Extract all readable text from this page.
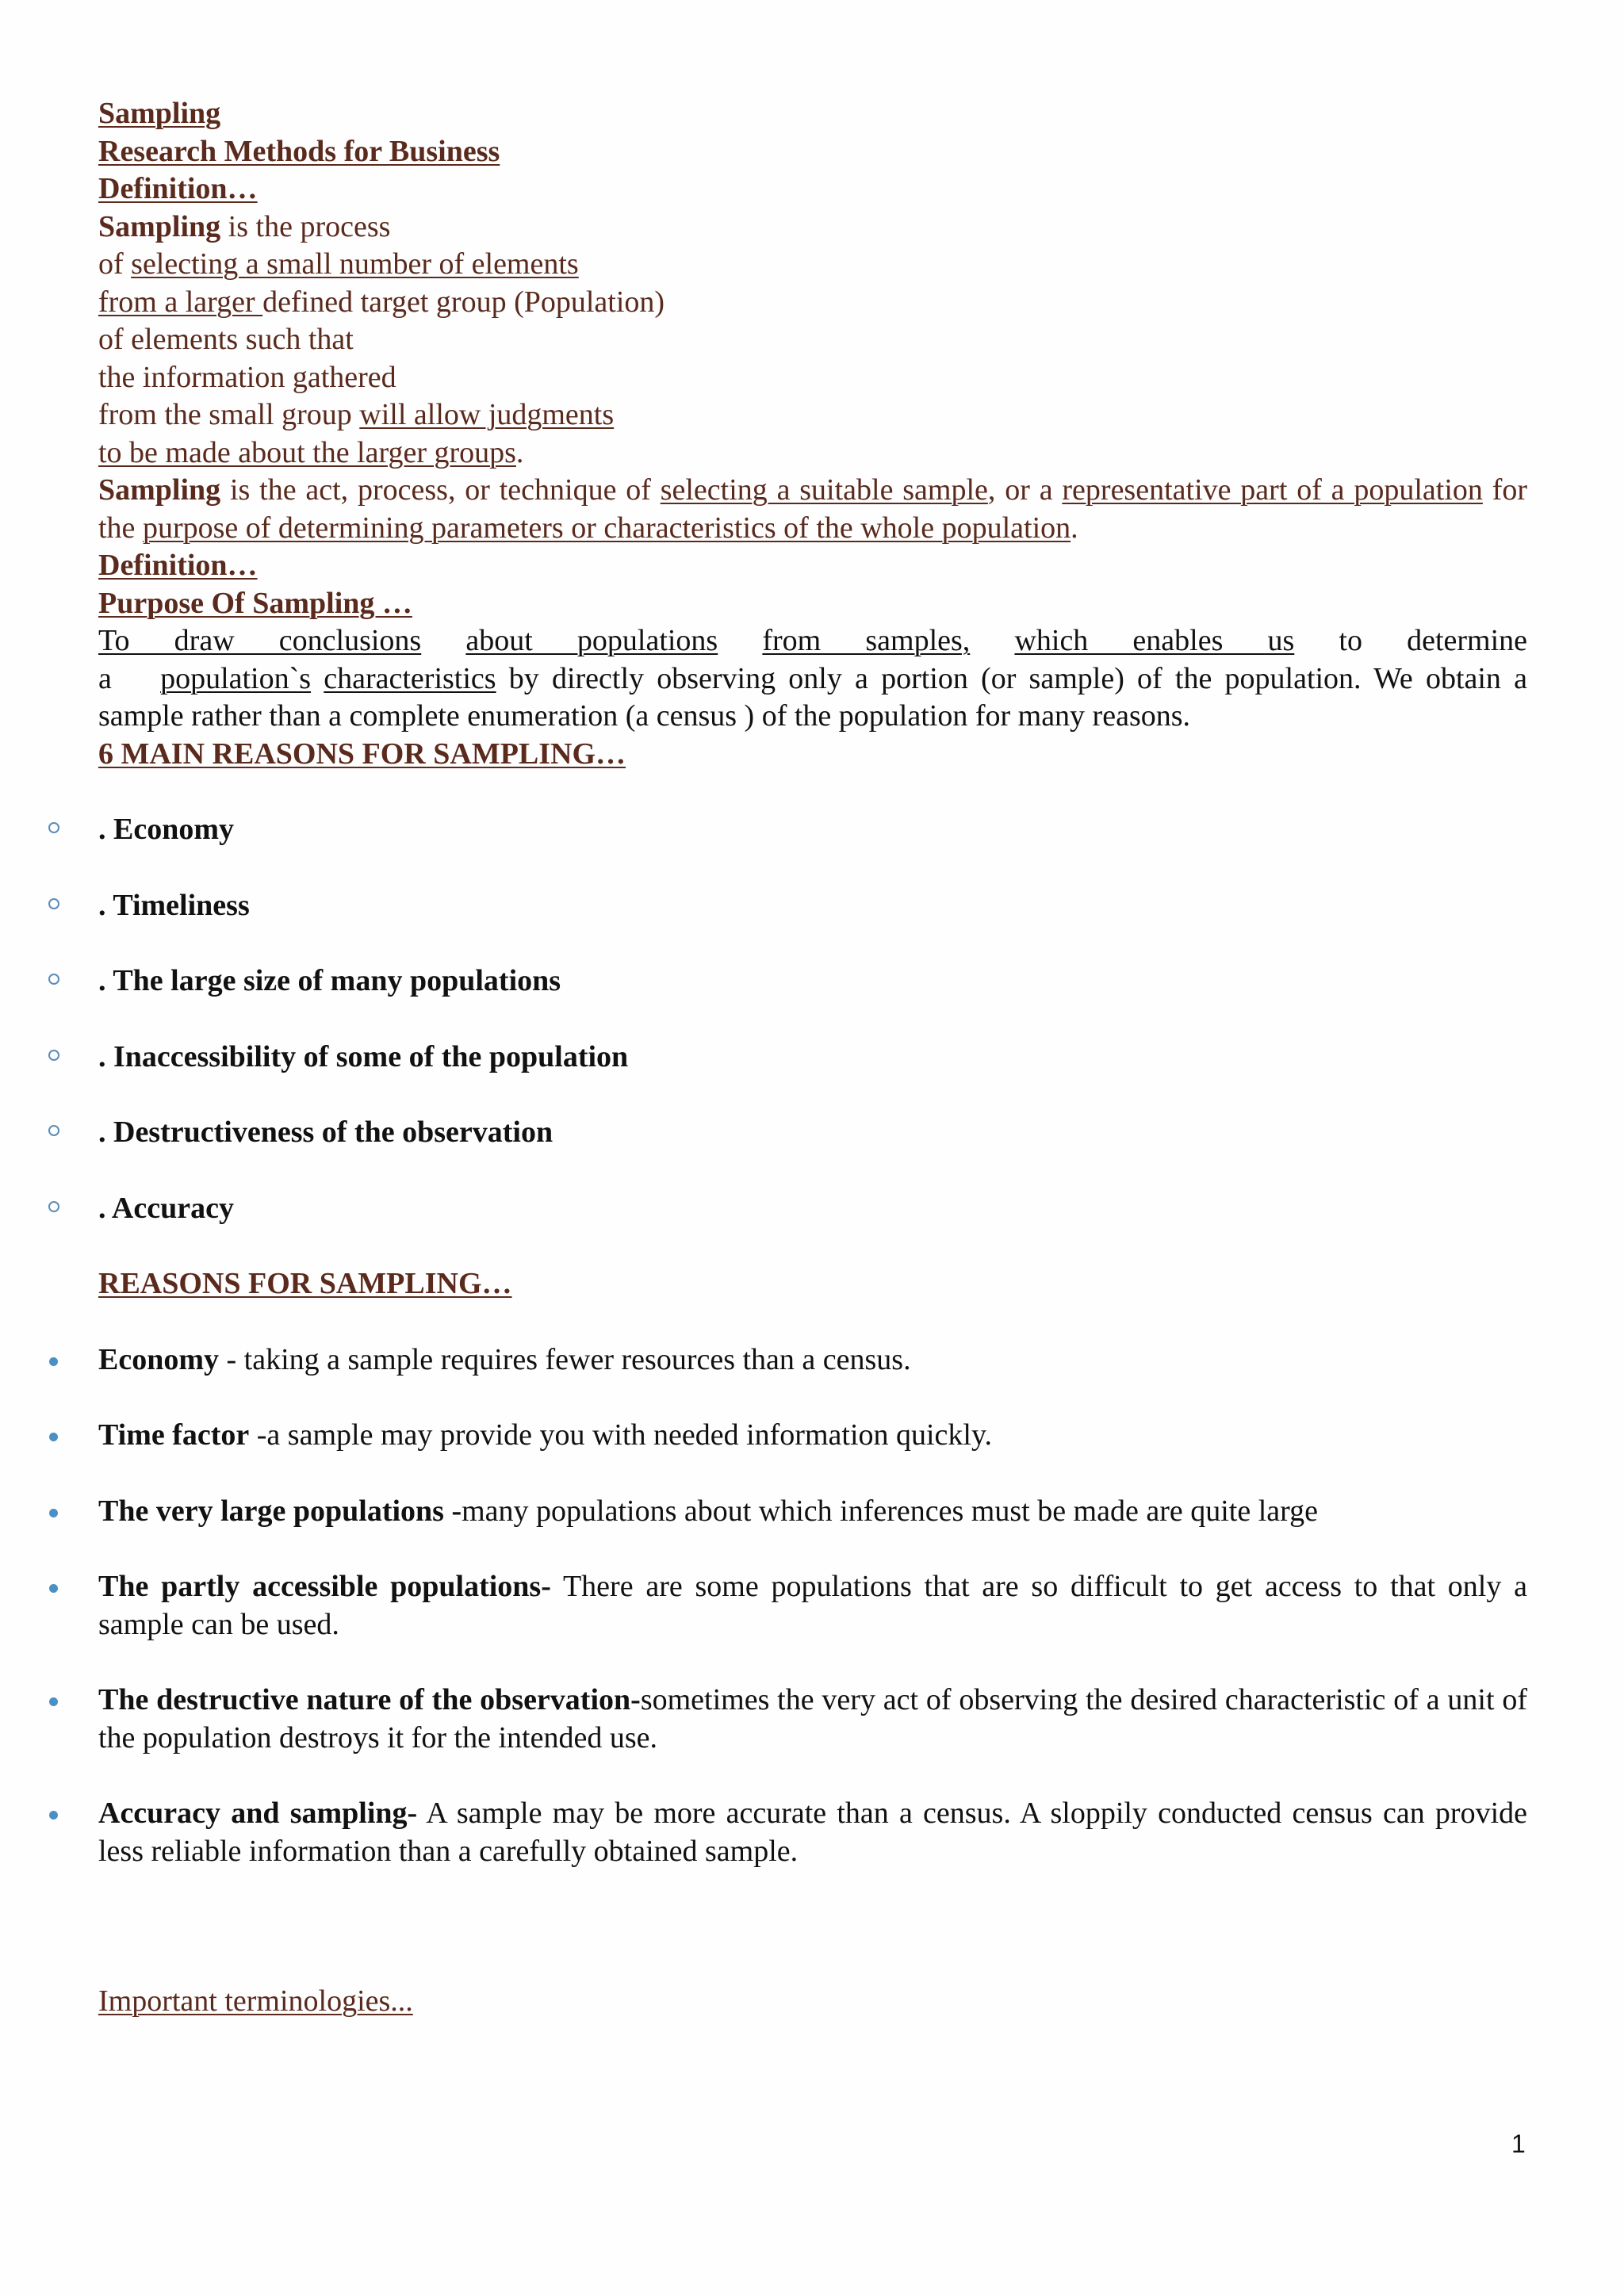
Sampling

Research Methods for Business

Definition…

Sampling is the process

of selecting a small number of elements

from a larger defined target group (Population)

of elements such that

the information gathered

from the small group will allow judgments

to be made about the larger groups.

Sampling is the act, process, or technique of selecting a suitable sample, or a representative part of a population for the purpose of determining parameters or characteristics of the whole population.

Definition…

Purpose Of Sampling …

To draw conclusions about populations from samples, which enables us to determine a population`s characteristics by directly observing only a portion (or sample) of the population. We obtain a sample rather than a complete enumeration (a census ) of the population for many reasons.

6 MAIN REASONS FOR SAMPLING…

. Economy
. Timeliness
. The large size of many populations
. Inaccessibility of some of the population
. Destructiveness of the observation
. Accuracy

REASONS FOR SAMPLING…

Economy - taking a sample requires fewer resources than a census.
Time factor -a sample may provide you with needed information quickly.
The very large populations -many populations about which inferences must be made are quite large
The partly accessible populations- There are some populations that are so difficult to get access to that only a sample can be used.
The destructive nature of the observation-sometimes the very act of observing the desired characteristic of a unit of the population destroys it for the intended use.
Accuracy and sampling- A sample may be more accurate than a census. A sloppily conducted census can provide less reliable information than a carefully obtained sample.

Important terminologies...

1
